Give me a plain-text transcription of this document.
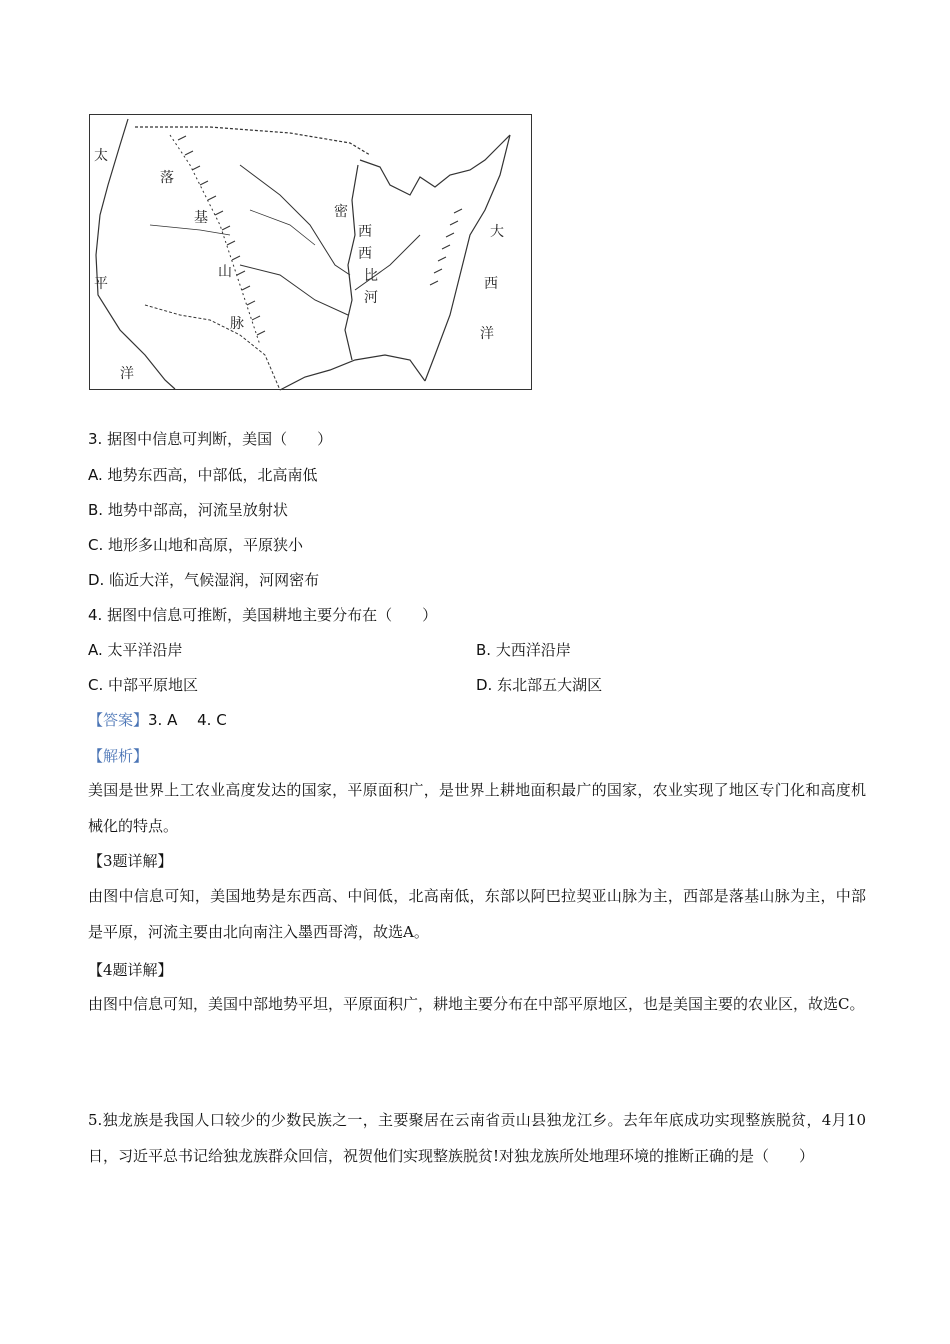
太
平
洋
落
基
山
脉
密
西
西
比
河
大
西
洋
3. 据图中信息可判断，美国（　　）
A. 地势东西高，中部低，北高南低
B. 地势中部高，河流呈放射状
C. 地形多山地和高原，平原狭小
D. 临近大洋，气候湿润，河网密布
4. 据图中信息可推断，美国耕地主要分布在（　　）
A. 太平洋沿岸	B. 大西洋沿岸
C. 中部平原地区	D. 东北部五大湖区
【答案】3. A　 4. C
【解析】
美国是世界上工农业高度发达的国家，平原面积广，是世界上耕地面积最广的国家，农业实现了地区专门化和高度机械化的特点。
【3题详解】
由图中信息可知，美国地势是东西高、中间低，北高南低，东部以阿巴拉契亚山脉为主，西部是落基山脉为主，中部是平原，河流主要由北向南注入墨西哥湾，故选A。
【4题详解】
由图中信息可知，美国中部地势平坦，平原面积广，耕地主要分布在中部平原地区，也是美国主要的农业区，故选C。
5.独龙族是我国人口较少的少数民族之一，主要聚居在云南省贡山县独龙江乡。去年年底成功实现整族脱贫，4月10日，习近平总书记给独龙族群众回信，祝贺他们实现整族脱贫!对独龙族所处地理环境的推断正确的是（　　）
